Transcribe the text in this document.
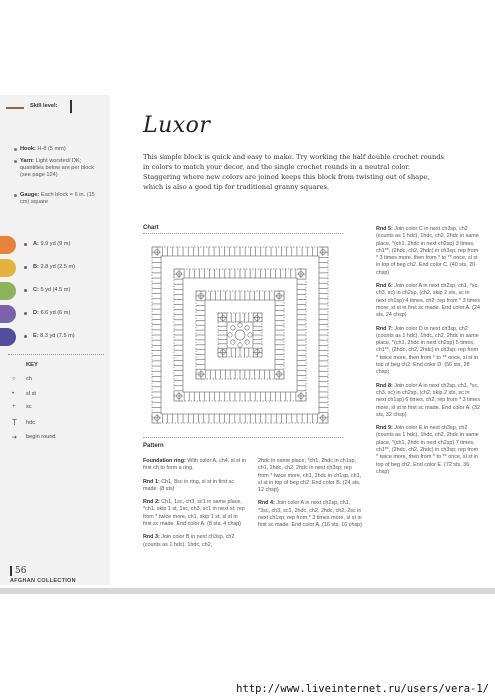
Skill level:
Hook: H-8 (5 mm)
Yarn: Light worsted/ DK; quantities below are per block (see page 124)
Gauge: Each block = 6 in. (15 cm) square
A: 9.9 yd (9 m)
B: 2.8 yd (2.5 m)
C: 5 yd (4.5 m)
D: 6.6 yd (6 m)
E: 8.3 yd (7.5 m)
KEY
○ ch
• sl st
+ sc
T hdc
➔ begin round
Luxor
This simple block is quick and easy to make. Try working the half double crochet rounds in colors to match your decor, and the single crochet rounds in a neutral color. Staggering where new colors are joined keeps this block from twisting out of shape, which is also a good tip for traditional granny squares.
Chart
Pattern

Foundation ring: With color A, ch4, sl st in first ch to form a ring.

Rnd 1: Ch1, 8sc in ring, sl st in first sc made. (8 sts)

Rnd 2: Ch1, 1sc, ch3, sc1 in same place, *ch1, skip 1 st, 1sc, ch3, sc1 in next st; rep from * twice more, ch1, skip 1 st, sl st in first sc made. End color A. (8 sts, 4 chsp)

Rnd 3: Join color B in next ch3sp, ch2 (counts as 1 hdc), 1hdc, ch2,

2hdc in same place, *ch1, 2hdc in ch1sp, ch1, 2hdc, ch2, 2hdc in next ch3sp; rep from * twice more, ch1, 2hdc in ch1sp, ch1, sl st in top of beg ch2. End color B. (24 sts, 12 chsp)

Rnd 4: Join color A in next ch2sp, ch1, *3sc, ch3, sc1, 2hdc, ch2, 2hdc, ch2, 2sc in next ch1sp; rep from * 3 times more, sl st in first sc made. End color A. (16 sts, 16 chsp)

Rnd 5: Join color C in next ch3sp, ch2 (counts as 1 hdc), 1hdc, ch2, 2hdc in same place, *(ch1, 2hdc in next ch2sp) 3 times, ch1**, (2hdc, ch2, 2hdc) in ch3sp; rep from * 3 times more, then from * to ** once, sl st in top of beg ch2. End color C. (40 sts, 20 chsp)

Rnd 6: Join color A in next ch2sp, ch1, *sc, ch3, sc) in ch2sp, (ch2, skip 2 sts, sc in next ch1sp) 4 times, ch2; rep from * 3 times more, sl st in first sc made. End color A. (24 sts, 24 chsp)

Rnd 7: Join color D in next ch3sp, ch2 (counts as 1 hdc), 1hdc, ch2, 2hdc in same place, *(ch1, 2hdc in next ch2sp) 5 times, ch1**, (2hdc, ch2, 2hdc) in ch3sp; rep from * twice more, then from * to ** once, sl st in top of beg ch2. End color D. (56 sts, 28 chsp)

Rnd 8: Join color A in next ch2sp, ch1, *sc, ch3, sc) in ch2sp, (ch2, skip 2 sts, sc in next ch1sp) 6 times, ch2; rep from * 3 times more, sl st in first sc made. End color A. (32 sts, 32 chsp)

Rnd 9: Join color E in next ch3sp, ch2 (counts as 1 hdc), 1hdc, ch2, 2hdc in same place, *(ch1, 2hdc in next ch2sp) 7 times, ch1**, (2hdc, ch2, 2hdc) in ch3sp; rep from * twice more, then from * to ** once, sl st in top of beg ch2. End color E. (72 sts, 36 chsp)

56
AFGHAN COLLECTION
http://www.liveinternet.ru/users/vera-1/
